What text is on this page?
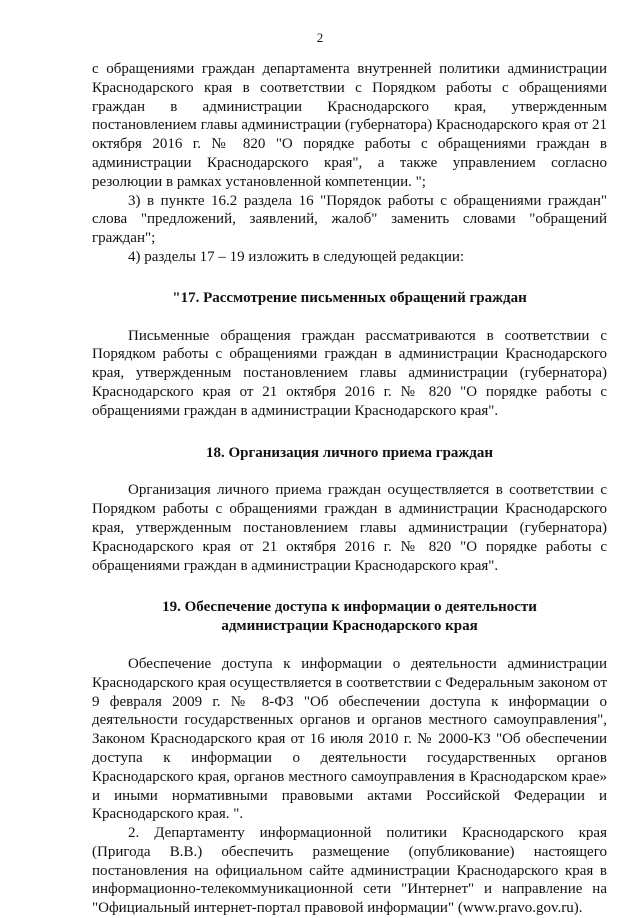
2

с обращениями граждан департамента внутренней политики администрации Краснодарского края в соответствии с Порядком работы с обращениями граждан в администрации Краснодарского края, утвержденным постановлением главы администрации (губернатора) Краснодарского края от 21 октября 2016 г. № 820 "О порядке работы с обращениями граждан в администрации Краснодарского края", а также управлением согласно резолюции в рамках установленной компетенции. ";

3) в пункте 16.2 раздела 16 "Порядок работы с обращениями граждан" слова "предложений, заявлений, жалоб" заменить словами "обращений граждан";

4) разделы 17 – 19 изложить в следующей редакции:

"17. Рассмотрение письменных обращений граждан

Письменные обращения граждан рассматриваются в соответствии с Порядком работы с обращениями граждан в администрации Краснодарского края, утвержденным постановлением главы администрации (губернатора) Краснодарского края от 21 октября 2016 г. № 820 "О порядке работы с обращениями граждан в администрации Краснодарского края".

18. Организация личного приема граждан

Организация личного приема граждан осуществляется в соответствии с Порядком работы с обращениями граждан в администрации Краснодарского края, утвержденным постановлением главы администрации (губернатора) Краснодарского края от 21 октября 2016 г. № 820 "О порядке работы с обращениями граждан в администрации Краснодарского края".

19. Обеспечение доступа к информации о деятельности
администрации Краснодарского края

Обеспечение доступа к информации о деятельности администрации Краснодарского края осуществляется в соответствии с Федеральным законом от 9 февраля 2009 г. № 8-ФЗ "Об обеспечении доступа к информации о деятельности государственных органов и органов местного самоуправления", Законом Краснодарского края от 16 июля 2010 г. № 2000-КЗ "Об обеспечении доступа к информации о деятельности государственных органов Краснодарского края, органов местного самоуправления в Краснодарском крае» и иными нормативными правовыми актами Российской Федерации и Краснодарского края. ".

2. Департаменту информационной политики Краснодарского края (Пригода В.В.) обеспечить размещение (опубликование) настоящего постановления на официальном сайте администрации Краснодарского края в информационно-телекоммуникационной сети "Интернет" и направление на "Официальный интернет-портал правовой информации" (www.pravo.gov.ru).
